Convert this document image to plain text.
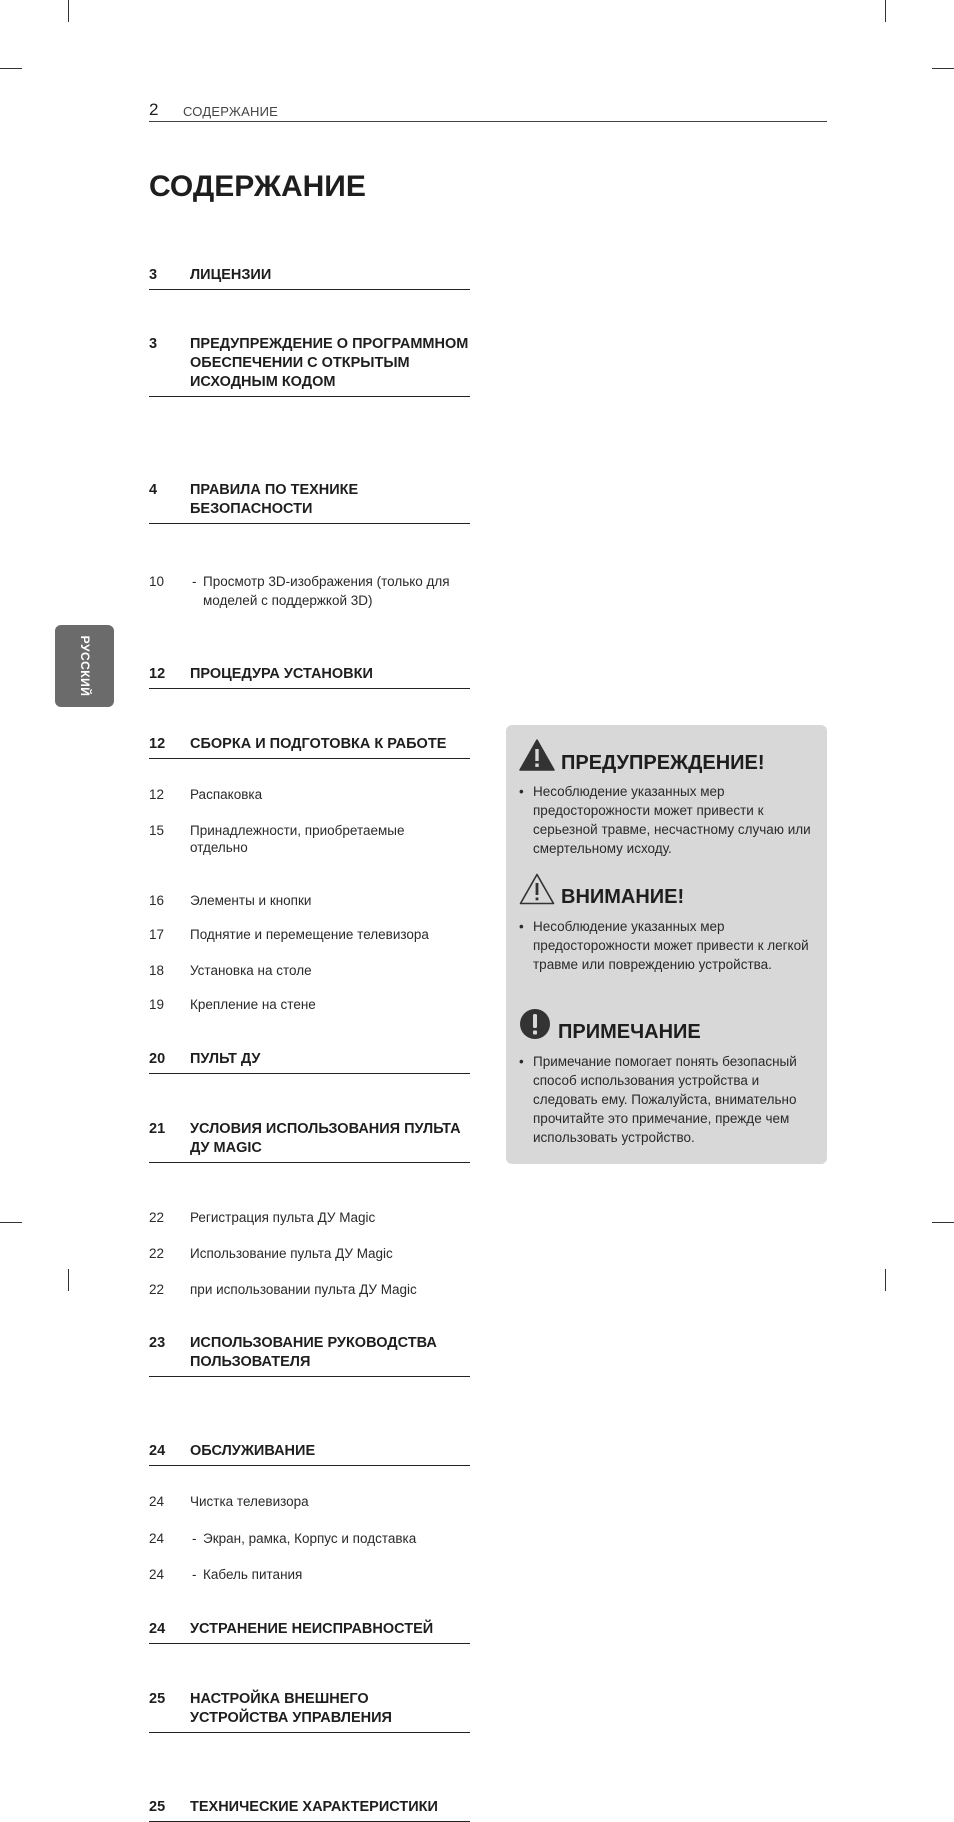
2 СОДЕРЖАНИЕ
СОДЕРЖАНИЕ
РУССКИЙ
3 ЛИЦЕНЗИИ
3 ПРЕДУПРЕЖДЕНИЕ О ПРОГРАММНОМ ОБЕСПЕЧЕНИИ С ОТКРЫТЫМ ИСХОДНЫМ КОДОМ
4 ПРАВИЛА ПО ТЕХНИКЕ БЕЗОПАСНОСТИ
10	- Просмотр 3D-изображения (только для моделей с поддержкой 3D)
12 ПРОЦЕДУРА УСТАНОВКИ
12 СБОРКА И ПОДГОТОВКА К РАБОТЕ
12 Распаковка
15 Принадлежности, приобретаемые отдельно
16 Элементы и кнопки
17 Поднятие и перемещение телевизора
18 Установка на столе
19 Крепление на стене
20 ПУЛЬТ ДУ
21 УСЛОВИЯ ИСПОЛЬЗОВАНИЯ ПУЛЬТА ДУ MAGIC
22 Регистрация пульта ДУ Magic
22 Использование пульта ДУ Magic
22 при использовании пульта ДУ Magic
23 ИСПОЛЬЗОВАНИЕ РУКОВОДСТВА ПОЛЬЗОВАТЕЛЯ
24 ОБСЛУЖИВАНИЕ
24 Чистка телевизора
24	- Экран, рамка, Корпус и подставка
24	- Кабель питания
24 УСТРАНЕНИЕ НЕИСПРАВНОСТЕЙ
25 НАСТРОЙКА ВНЕШНЕГО УСТРОЙСТВА УПРАВЛЕНИЯ
25 ТЕХНИЧЕСКИЕ ХАРАКТЕРИСТИКИ
ПРЕДУПРЕЖДЕНИЕ!
• Несоблюдение указанных мер предосторожности может привести к серьезной травме, несчастному случаю или смертельному исходу.
ВНИМАНИЕ!
• Несоблюдение указанных мер предосторожности может привести к легкой травме или повреждению устройства.
ПРИМЕЧАНИЕ
• Примечание помогает понять безопасный способ использования устройства и следовать ему. Пожалуйста, внимательно прочитайте это примечание, прежде чем использовать устройство.
